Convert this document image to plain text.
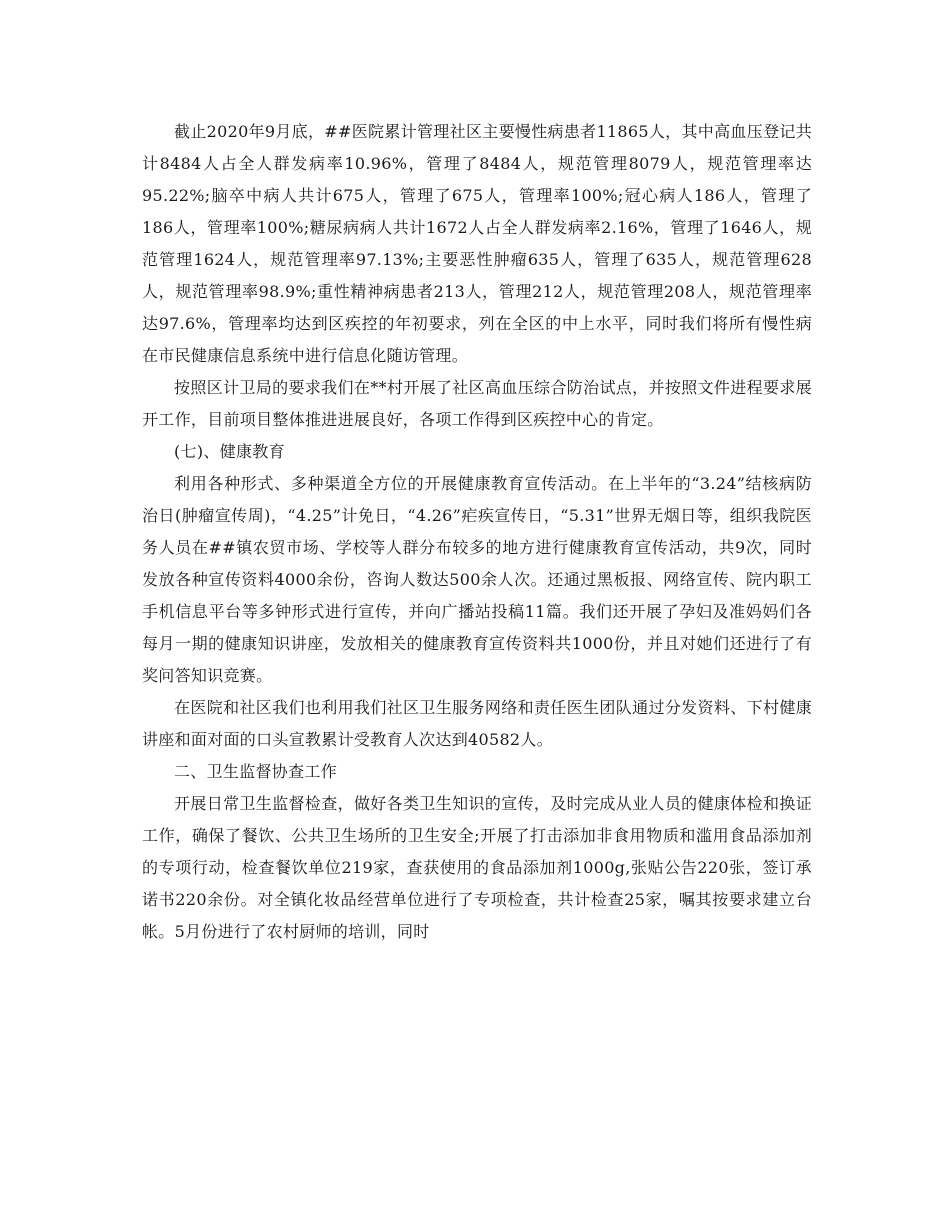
截止2020年9月底，##医院累计管理社区主要慢性病患者11865人，其中高血压登记共计8484人占全人群发病率10.96%，管理了8484人，规范管理8079人，规范管理率达95.22%;脑卒中病人共计675人，管理了675人，管理率100%;冠心病人186人，管理了186人，管理率100%;糖尿病病人共计1672人占全人群发病率2.16%，管理了1646人，规范管理1624人，规范管理率97.13%;主要恶性肿瘤635人，管理了635人，规范管理628人，规范管理率98.9%;重性精神病患者213人，管理212人，规范管理208人，规范管理率达97.6%，管理率均达到区疾控的年初要求，列在全区的中上水平，同时我们将所有慢性病在市民健康信息系统中进行信息化随访管理。

按照区计卫局的要求我们在**村开展了社区高血压综合防治试点，并按照文件进程要求展开工作，目前项目整体推进进展良好，各项工作得到区疾控中心的肯定。

(七)、健康教育

利用各种形式、多种渠道全方位的开展健康教育宣传活动。在上半年的“3.24”结核病防治日(肿瘤宣传周)，“4.25”计免日，“4.26”疟疾宣传日，“5.31”世界无烟日等，组织我院医务人员在##镇农贸市场、学校等人群分布较多的地方进行健康教育宣传活动，共9次，同时发放各种宣传资料4000余份，咨询人数达500余人次。还通过黑板报、网络宣传、院内职工手机信息平台等多钟形式进行宣传，并向广播站投稿11篇。我们还开展了孕妇及准妈妈们各每月一期的健康知识讲座，发放相关的健康教育宣传资料共1000份，并且对她们还进行了有奖问答知识竞赛。

在医院和社区我们也利用我们社区卫生服务网络和责任医生团队通过分发资料、下村健康讲座和面对面的口头宣教累计受教育人次达到40582人。

二、卫生监督协查工作

开展日常卫生监督检查，做好各类卫生知识的宣传，及时完成从业人员的健康体检和换证工作，确保了餐饮、公共卫生场所的卫生安全;开展了打击添加非食用物质和滥用食品添加剂的专项行动，检查餐饮单位219家，查获使用的食品添加剂1000g,张贴公告220张，签订承诺书220余份。对全镇化妆品经营单位进行了专项检查，共计检查25家，嘱其按要求建立台帐。5月份进行了农村厨师的培训，同时
